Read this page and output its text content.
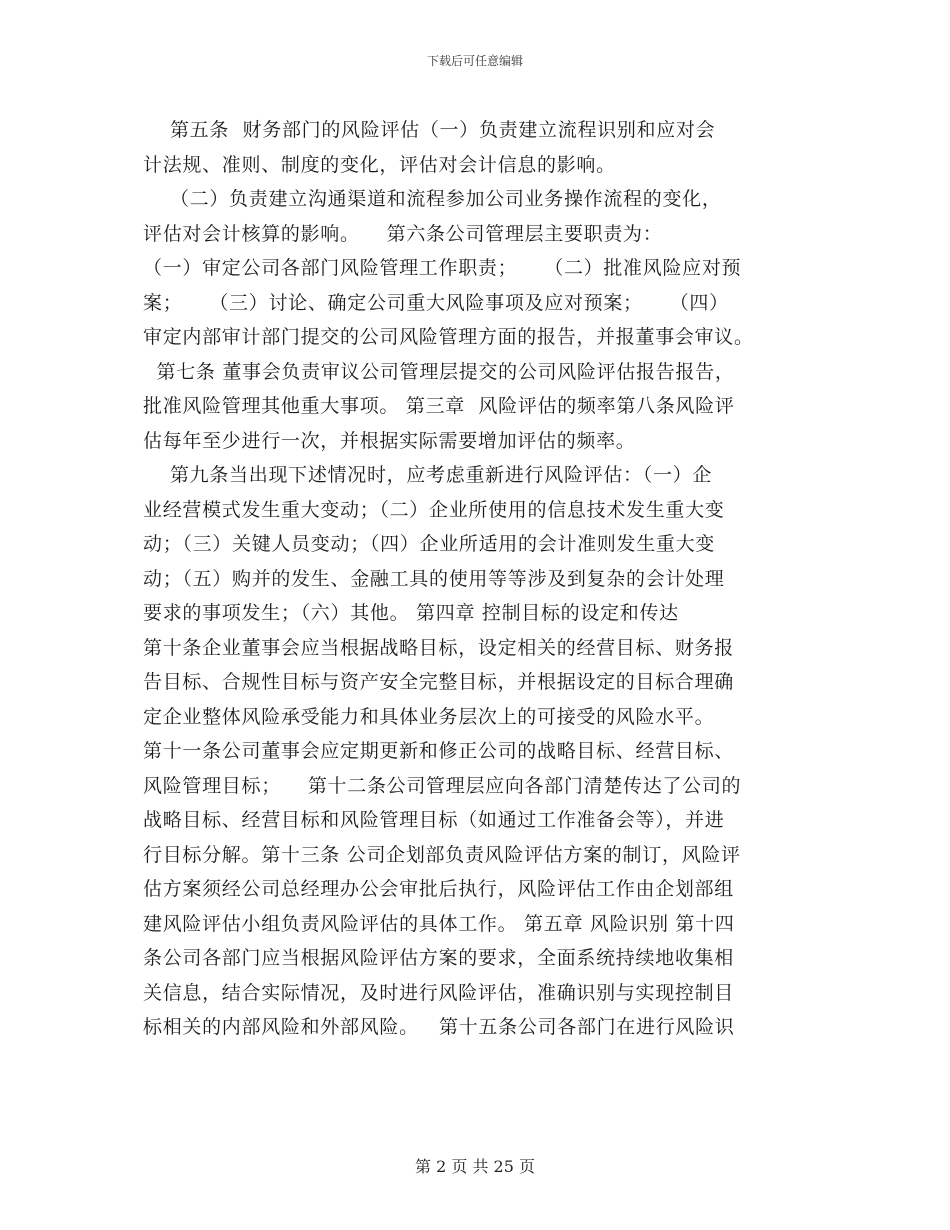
下载后可任意编辑
第五条  财务部门的风险评估（一）负责建立流程识别和应对会
计法规、准则、制度的变化，评估对会计信息的影响。
（二）负责建立沟通渠道和流程参加公司业务操作流程的变化，
评估对会计核算的影响。    第六条公司管理层主要职责为：
（一）审定公司各部门风险管理工作职责；    （二）批准风险应对预
案；    （三）讨论、确定公司重大风险事项及应对预案；    （四）
审定内部审计部门提交的公司风险管理方面的报告，并报董事会审议。
第七条 董事会负责审议公司管理层提交的公司风险评估报告报告，
批准风险管理其他重大事项。 第三章  风险评估的频率第八条风险评
估每年至少进行一次，并根据实际需要增加评估的频率。
第九条当出现下述情况时，应考虑重新进行风险评估：（一）企
业经营模式发生重大变动；（二）企业所使用的信息技术发生重大变
动；（三）关键人员变动；（四）企业所适用的会计准则发生重大变
动；（五）购并的发生、金融工具的使用等等涉及到复杂的会计处理
要求的事项发生；（六）其他。 第四章 控制目标的设定和传达
第十条企业董事会应当根据战略目标，设定相关的经营目标、财务报
告目标、合规性目标与资产安全完整目标，并根据设定的目标合理确
定企业整体风险承受能力和具体业务层次上的可接受的风险水平。
第十一条公司董事会应定期更新和修正公司的战略目标、经营目标、
风险管理目标；    第十二条公司管理层应向各部门清楚传达了公司的
战略目标、经营目标和风险管理目标（如通过工作准备会等），并进
行目标分解。第十三条 公司企划部负责风险评估方案的制订，风险评
估方案须经公司总经理办公会审批后执行，风险评估工作由企划部组
建风险评估小组负责风险评估的具体工作。 第五章 风险识别 第十四
条公司各部门应当根据风险评估方案的要求，全面系统持续地收集相
关信息，结合实际情况，及时进行风险评估，准确识别与实现控制目
标相关的内部风险和外部风险。   第十五条公司各部门在进行风险识
第 2 页 共 25 页
